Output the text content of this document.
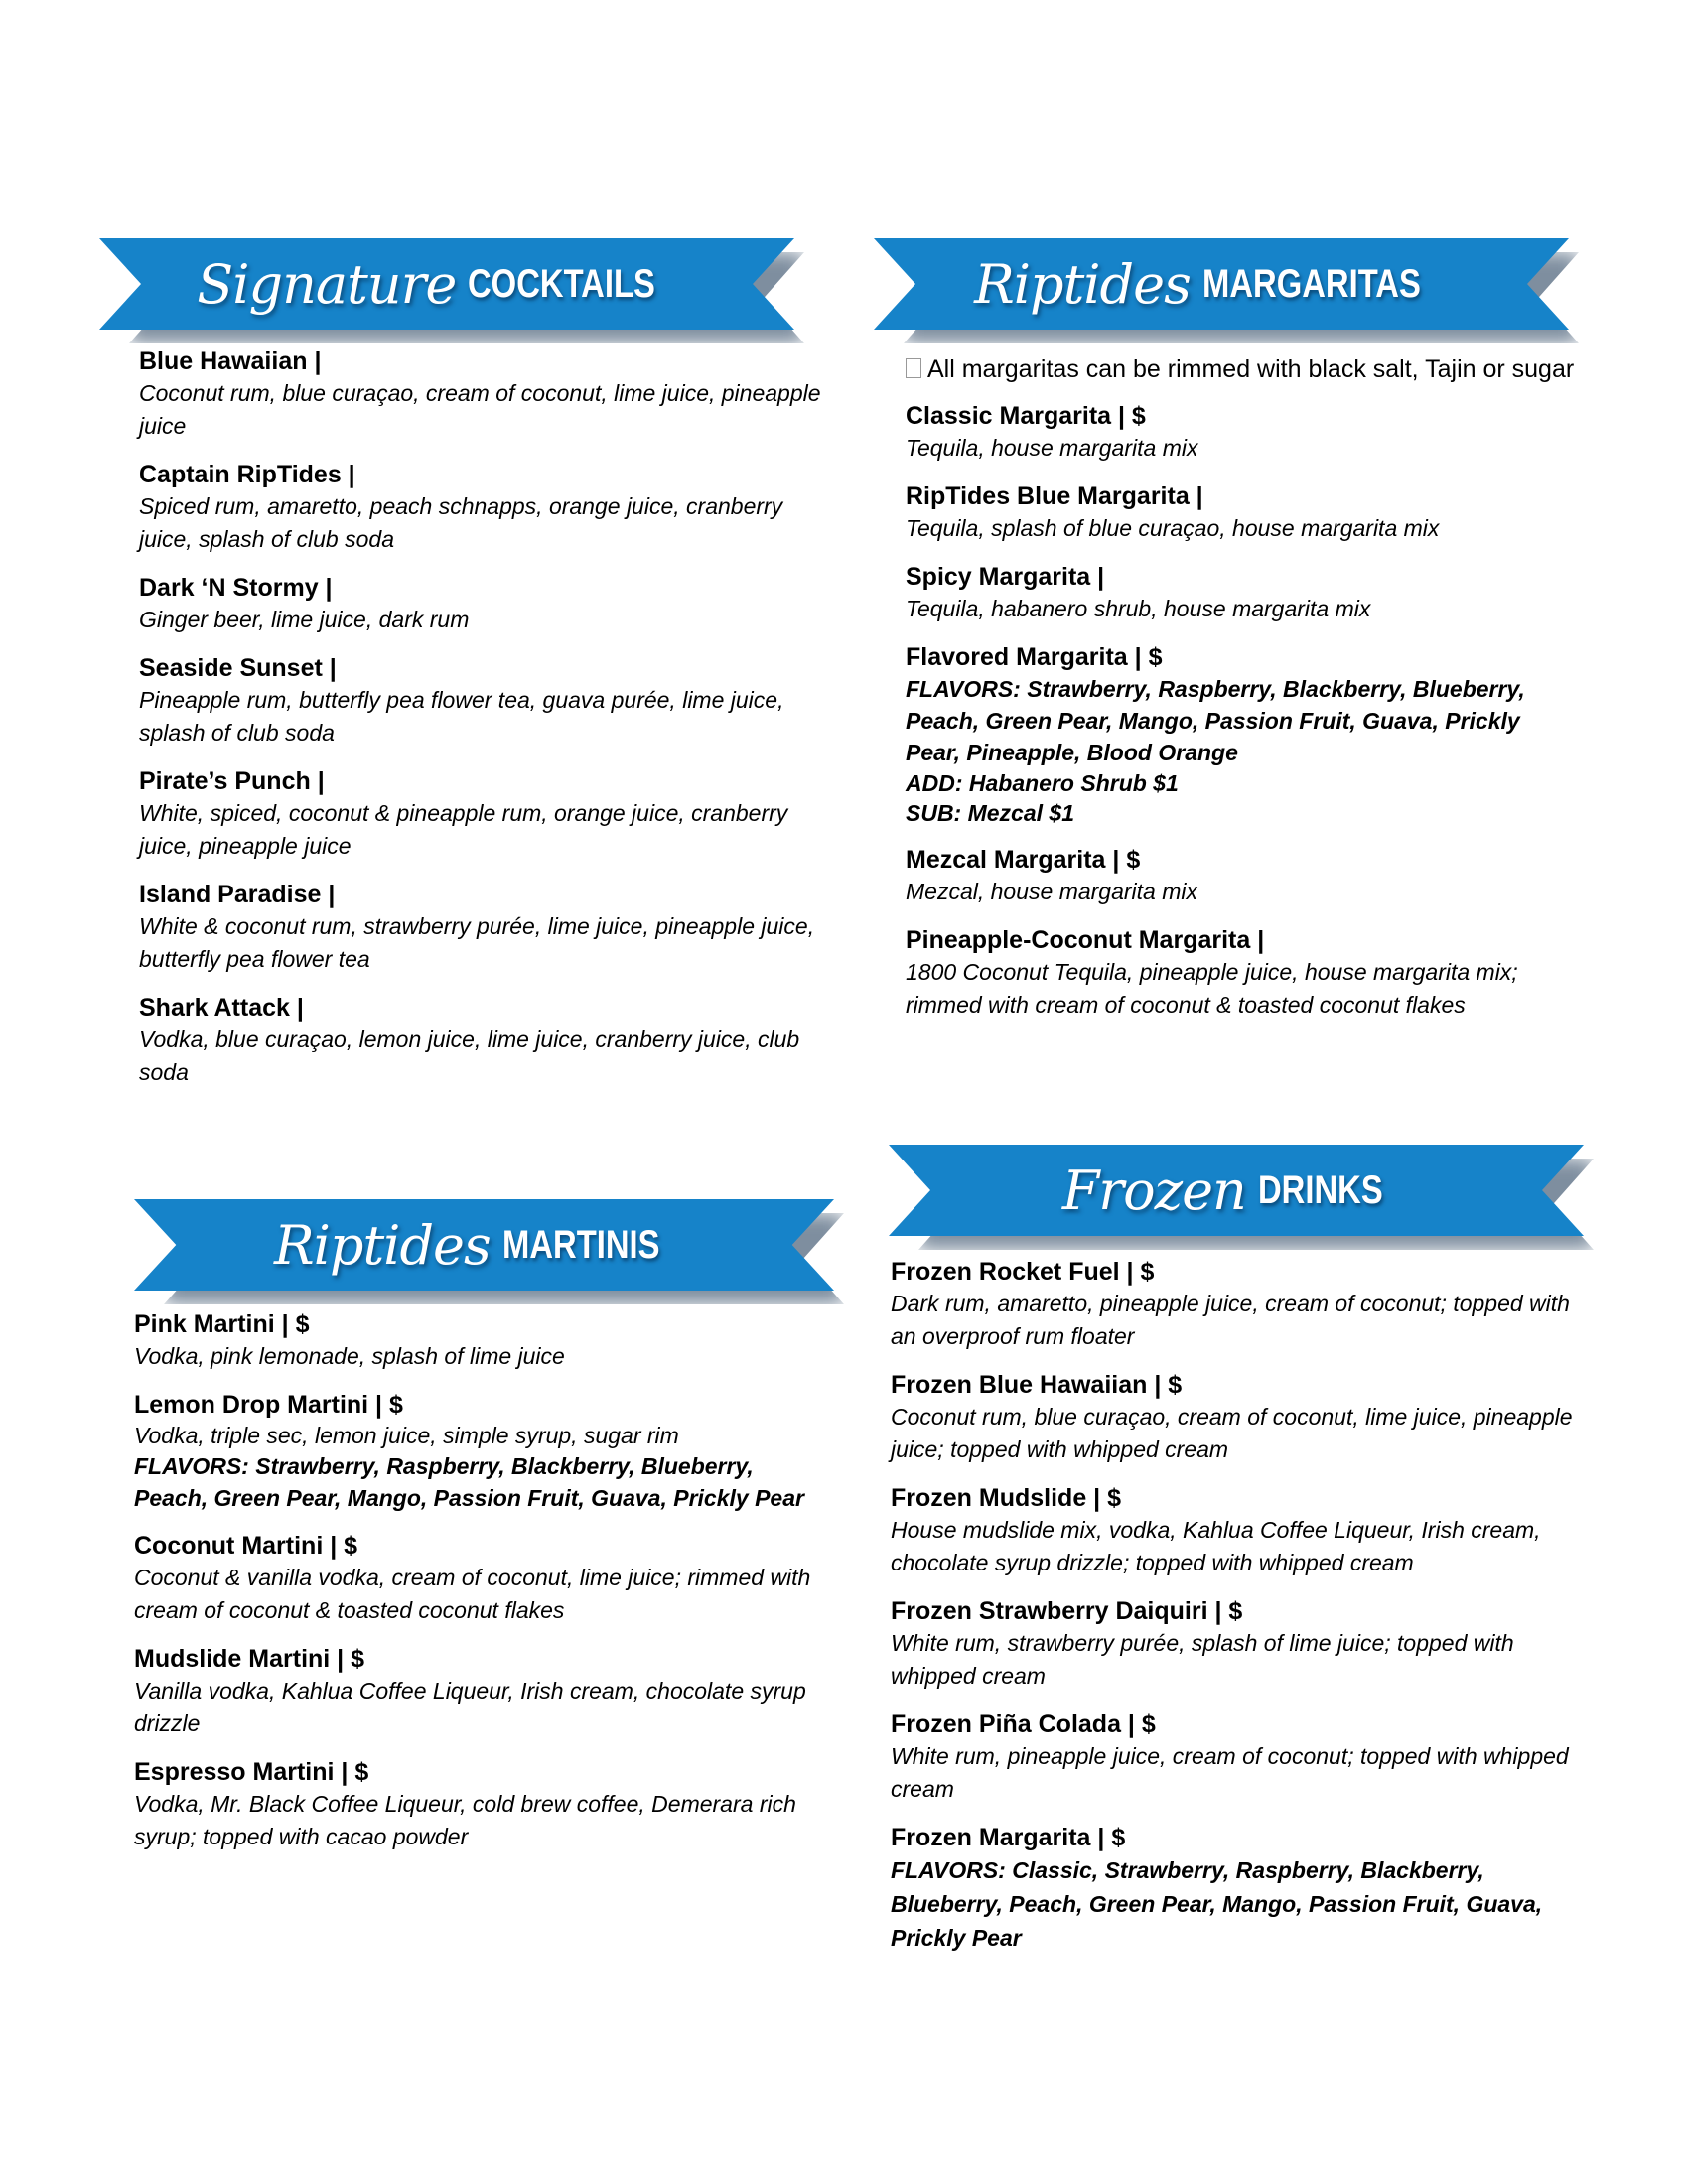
Signature COCKTAILS
Blue Hawaiian |
Coconut rum, blue curaçao, cream of coconut, lime juice, pineapple juice
Captain RipTides |
Spiced rum, amaretto, peach schnapps, orange juice, cranberry juice, splash of club soda
Dark ‘N Stormy |
Ginger beer, lime juice, dark rum
Seaside Sunset |
Pineapple rum, butterfly pea flower tea, guava purée, lime juice, splash of club soda
Pirate’s Punch |
White, spiced, coconut & pineapple rum, orange juice, cranberry juice, pineapple juice
Island Paradise |
White & coconut rum, strawberry purée, lime juice, pineapple juice, butterfly pea flower tea
Shark Attack |
Vodka, blue curaçao, lemon juice, lime juice, cranberry juice, club soda
Riptides MARGARITAS
All margaritas can be rimmed with black salt, Tajin or sugar
Classic Margarita | $
Tequila, house margarita mix
RipTides Blue Margarita |
Tequila, splash of blue curaçao, house margarita mix
Spicy Margarita |
Tequila, habanero shrub, house margarita mix
Flavored Margarita | $
FLAVORS: Strawberry, Raspberry, Blackberry, Blueberry, Peach, Green Pear, Mango, Passion Fruit, Guava, Prickly Pear, Pineapple, Blood Orange
ADD: Habanero Shrub $1
SUB: Mezcal $1
Mezcal Margarita | $
Mezcal, house margarita mix
Pineapple-Coconut Margarita |
1800 Coconut Tequila, pineapple juice, house margarita mix; rimmed with cream of coconut & toasted coconut flakes
Riptides MARTINIS
Pink Martini | $
Vodka, pink lemonade, splash of lime juice
Lemon Drop Martini | $
Vodka, triple sec, lemon juice, simple syrup, sugar rim
FLAVORS: Strawberry, Raspberry, Blackberry, Blueberry, Peach, Green Pear, Mango, Passion Fruit, Guava, Prickly Pear
Coconut Martini | $
Coconut & vanilla vodka, cream of coconut, lime juice; rimmed with cream of coconut & toasted coconut flakes
Mudslide Martini | $
Vanilla vodka, Kahlua Coffee Liqueur, Irish cream, chocolate syrup drizzle
Espresso Martini | $
Vodka, Mr. Black Coffee Liqueur, cold brew coffee, Demerara rich syrup; topped with cacao powder
Frozen DRINKS
Frozen Rocket Fuel | $
Dark rum, amaretto, pineapple juice, cream of coconut; topped with an overproof rum floater
Frozen Blue Hawaiian | $
Coconut rum, blue curaçao, cream of coconut, lime juice, pineapple juice; topped with whipped cream
Frozen Mudslide | $
House mudslide mix, vodka, Kahlua Coffee Liqueur, Irish cream, chocolate syrup drizzle; topped with whipped cream
Frozen Strawberry Daiquiri | $
White rum, strawberry purée, splash of lime juice; topped with whipped cream
Frozen Piña Colada | $
White rum, pineapple juice, cream of coconut; topped with whipped cream
Frozen Margarita | $
FLAVORS: Classic, Strawberry, Raspberry, Blackberry, Blueberry, Peach, Green Pear, Mango, Passion Fruit, Guava, Prickly Pear
